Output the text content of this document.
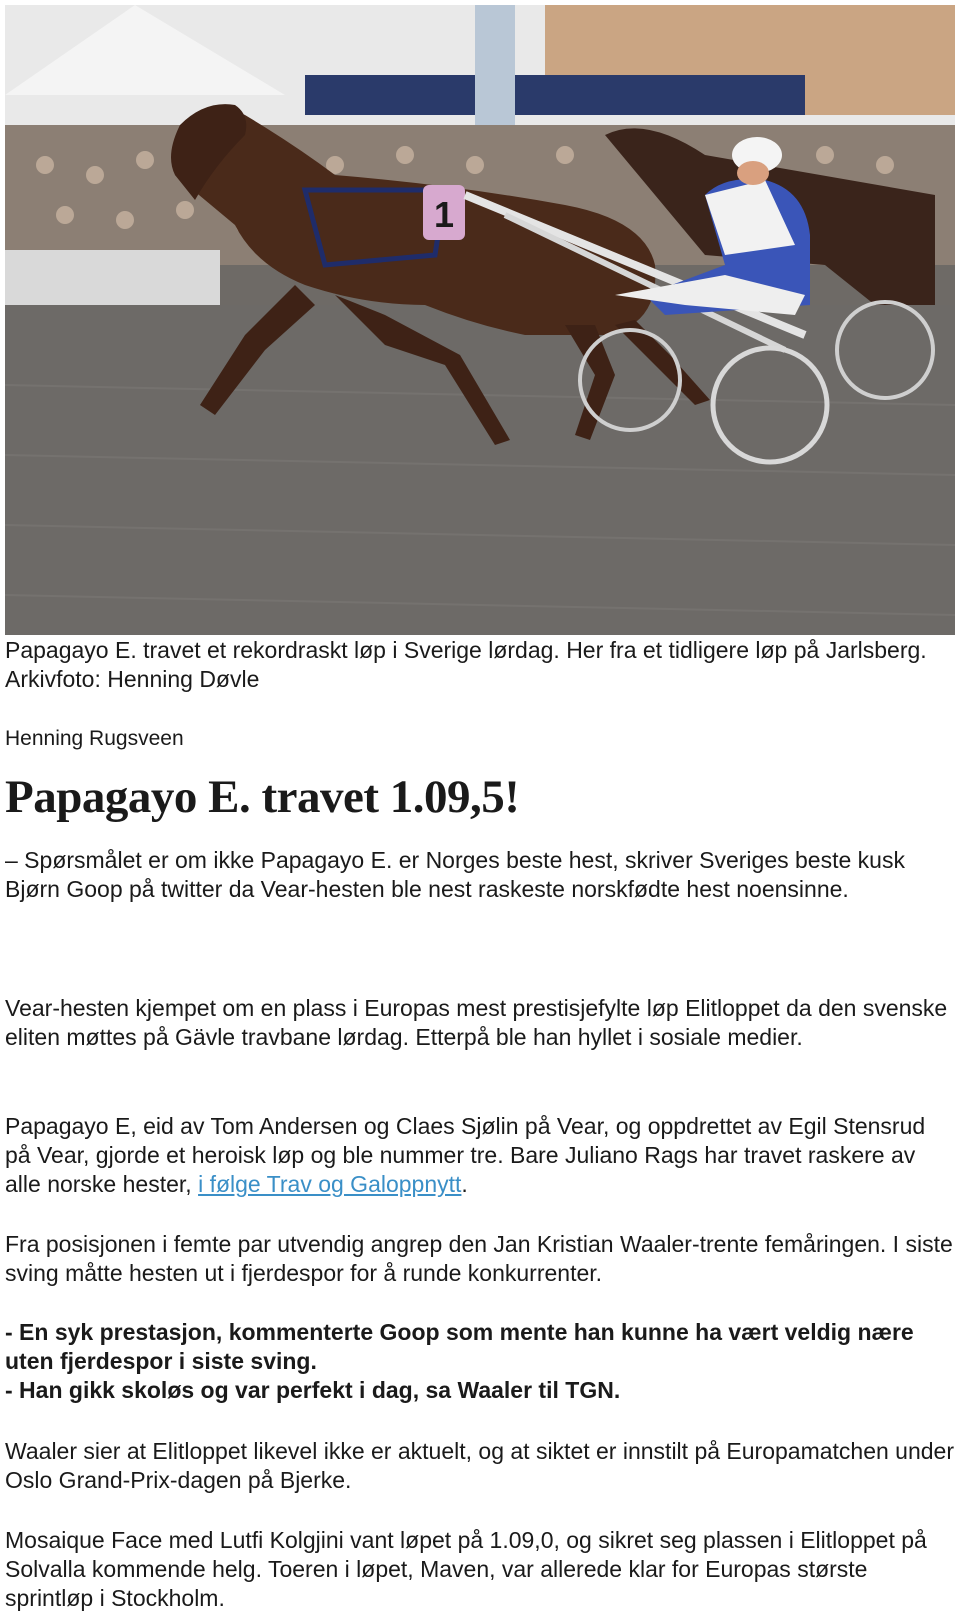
1

Papagayo E. travet et rekordraskt løp i Sverige lørdag. Her fra et tidligere løp på Jarlsberg. Arkivfoto: Henning Døvle

Henning Rugsveen

Papagayo E. travet 1.09,5!

– Spørsmålet er om ikke Papagayo E. er Norges beste hest, skriver Sveriges beste kusk Bjørn Goop på twitter da Vear-hesten ble nest raskeste norskfødte hest noensinne.

Vear-hesten kjempet om en plass i Europas mest prestisjefylte løp Elitloppet da den svenske eliten møttes på Gävle travbane lørdag. Etterpå ble han hyllet i sosiale medier.

Papagayo E, eid av Tom Andersen og Claes Sjølin på Vear, og oppdrettet av Egil Stensrud på Vear, gjorde et heroisk løp og ble nummer tre. Bare Juliano Rags har travet raskere av alle norske hester, i følge Trav og Galoppnytt.

Fra posisjonen i femte par utvendig angrep den Jan Kristian Waaler-trente femåringen. I siste sving måtte hesten ut i fjerdespor for å runde konkurrenter.

- En syk prestasjon, kommenterte Goop som mente han kunne ha vært veldig nære uten fjerdespor i siste sving.
- Han gikk skoløs og var perfekt i dag, sa Waaler til TGN.

Waaler sier at Elitloppet likevel ikke er aktuelt, og at siktet er innstilt på Europamatchen under Oslo Grand-Prix-dagen på Bjerke.

Mosaique Face med Lutfi Kolgjini vant løpet på 1.09,0, og sikret seg plassen i Elitloppet på Solvalla kommende helg. Toeren i løpet, Maven, var allerede klar for Europas største sprintløp i Stockholm.
